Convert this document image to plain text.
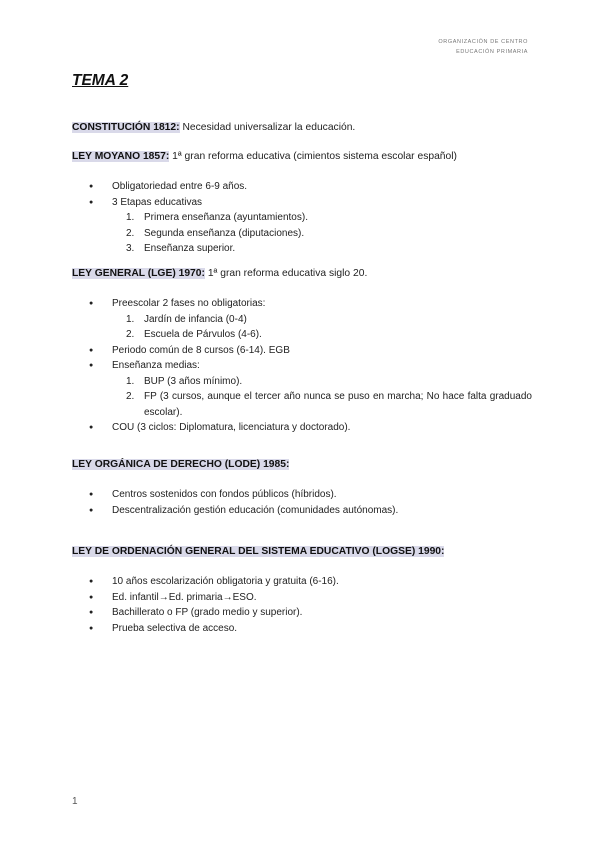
ORGANIZACIÓN DE CENTRO
EDUCACIÓN PRIMARIA
TEMA 2
CONSTITUCIÓN 1812: Necesidad universalizar la educación.
LEY MOYANO 1857: 1ª gran reforma educativa (cimientos sistema escolar español)
● Obligatoriedad entre 6-9 años.
● 3 Etapas educativas
1. Primera enseñanza (ayuntamientos).
2. Segunda enseñanza (diputaciones).
3. Enseñanza superior.
LEY GENERAL (LGE) 1970: 1ª gran reforma educativa siglo 20.
● Preescolar 2 fases no obligatorias:
1. Jardín de infancia (0-4)
2. Escuela de Párvulos (4-6).
● Periodo común de 8 cursos (6-14). EGB
● Enseñanza medias:
1. BUP (3 años mínimo).
2. FP (3 cursos, aunque el tercer año nunca se puso en marcha; No hace falta graduado escolar).
● COU (3 ciclos: Diplomatura, licenciatura y doctorado).
LEY ORGÁNICA DE DERECHO (LODE) 1985:
● Centros sostenidos con fondos públicos (híbridos).
● Descentralización gestión educación (comunidades autónomas).
LEY DE ORDENACIÓN GENERAL DEL SISTEMA EDUCATIVO (LOGSE) 1990:
● 10 años escolarización obligatoria y gratuita (6-16).
● Ed. infantil→Ed. primaria→ESO.
● Bachillerato o FP (grado medio y superior).
● Prueba selectiva de acceso.
1
